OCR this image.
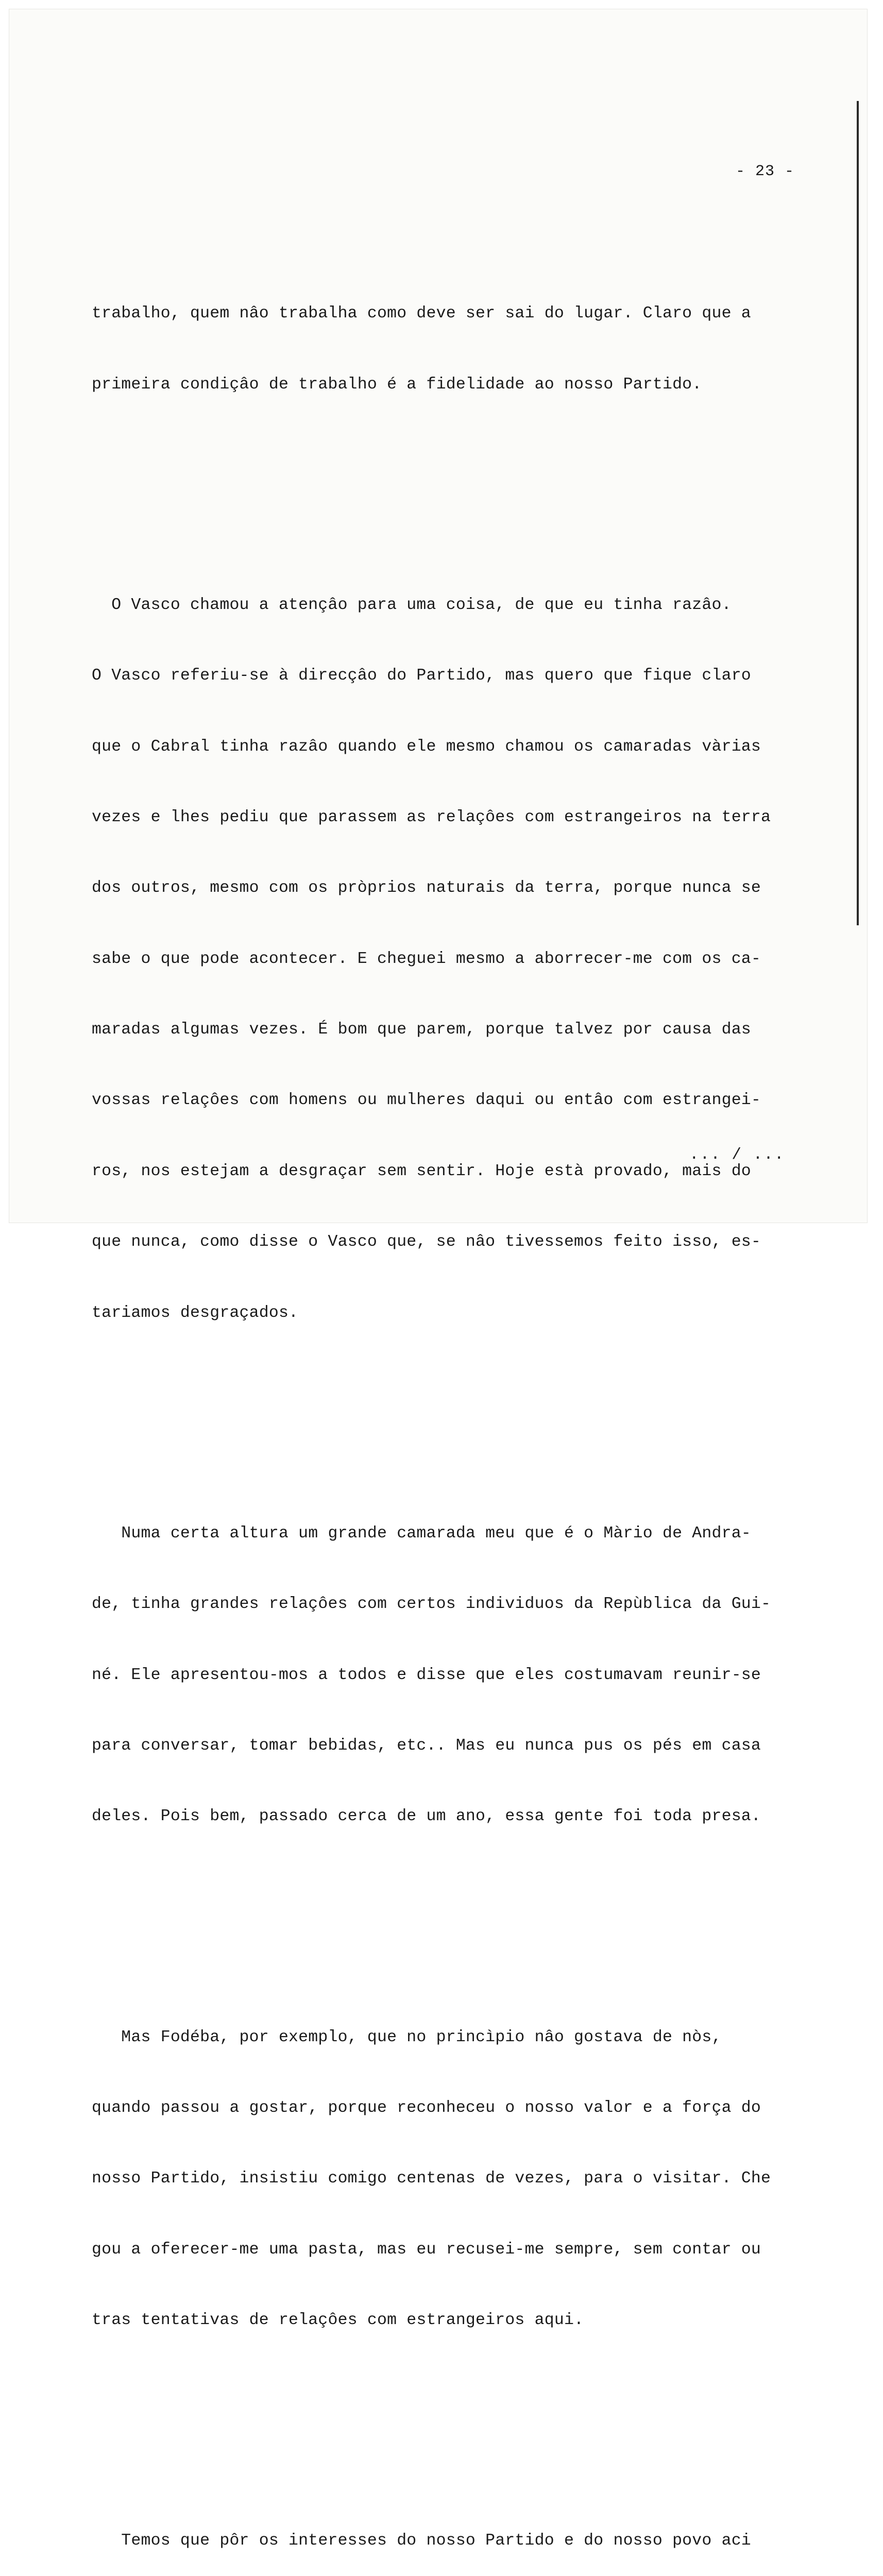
- 23 -

trabalho, quem nâo trabalha como deve ser sai do lugar. Claro que a

primeira condiçâo de trabalho é a fidelidade ao nosso Partido.

O Vasco chamou a atençâo para uma coisa, de que eu tinha razâo.

O Vasco referiu-se à direcçâo do Partido, mas quero que fique claro

que o Cabral tinha razâo quando ele mesmo chamou os camaradas vàrias

vezes e lhes pediu que parassem as relaçôes com estrangeiros na terra

dos outros, mesmo com os pròprios naturais da terra, porque nunca se

sabe o que pode acontecer. E cheguei mesmo a aborrecer-me com os ca-

maradas algumas vezes. É bom que parem, porque talvez por causa das

vossas relaçôes com homens ou mulheres daqui ou entâo com estrangei-

ros, nos estejam a desgraçar sem sentir. Hoje està provado, mais do

que nunca, como disse o Vasco que, se nâo tivessemos feito isso, es-

tariamos desgraçados.

Numa certa altura um grande camarada meu que é o Màrio de Andra-

de, tinha grandes relaçôes com certos individuos da Repùblica da Gui-

né. Ele apresentou-mos a todos e disse que eles costumavam reunir-se

para conversar, tomar bebidas, etc.. Mas eu nunca pus os pés em casa

deles. Pois bem, passado cerca de um ano, essa gente foi toda presa.

Mas Fodéba, por exemplo, que no princìpio nâo gostava de nòs,

quando passou a gostar, porque reconheceu o nosso valor e a força do

nosso Partido, insistiu comigo centenas de vezes, para o visitar. Che

gou a oferecer-me uma pasta, mas eu recusei-me sempre, sem contar ou

tras tentativas de relaçôes com estrangeiros aqui.

Temos que pôr os interesses do nosso Partido e do nosso povo aci

... / ...
